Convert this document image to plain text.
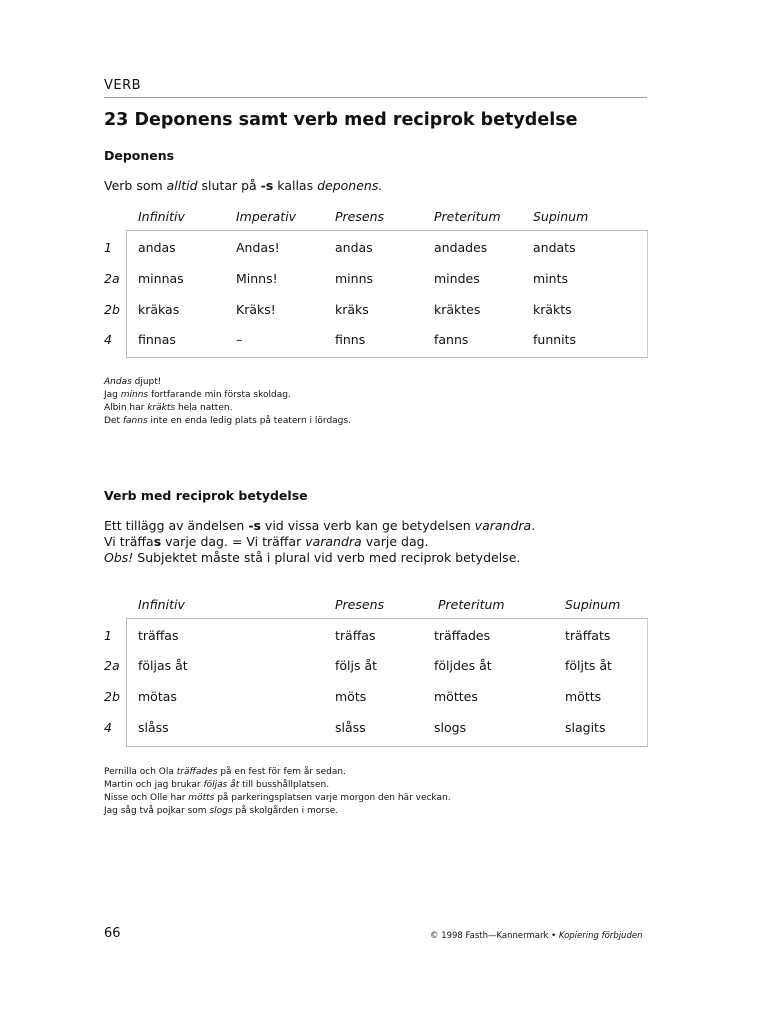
VERB
23 Deponens samt verb med reciprok betydelse
Deponens
Verb som alltid slutar på -s kallas deponens.
Infinitiv	Imperativ	Presens	Preteritum	Supinum
1 andas	Andas!	andas	andades	andats
2a minnas	Minns!	minns	mindes	mints
2b kräkas	Kräks!	kräks	kräktes	kräkts
4 finnas	–	finns	fanns	funnits
Andas djupt!
Jag minns fortfarande min första skoldag.
Albin har kräkts hela natten.
Det fanns inte en enda ledig plats på teatern i lördags.
Verb med reciprok betydelse
Ett tillägg av ändelsen -s vid vissa verb kan ge betydelsen varandra.
Vi träffas varje dag. = Vi träffar varandra varje dag.
Obs! Subjektet måste stå i plural vid verb med reciprok betydelse.
Infinitiv	Presens	Preteritum	Supinum
1 träffas	träffas	träffades	träffats
2a följas åt	följs åt	följdes åt	följts åt
2b mötas	möts	möttes	mötts
4 slåss	slåss	slogs	slagits
Pernilla och Ola träffades på en fest för fem år sedan.
Martin och jag brukar följas åt till busshållplatsen.
Nisse och Olle har mötts på parkeringsplatsen varje morgon den här veckan.
Jag såg två pojkar som slogs på skolgården i morse.
66	© 1998 Fasth—Kannermark • Kopiering förbjuden
